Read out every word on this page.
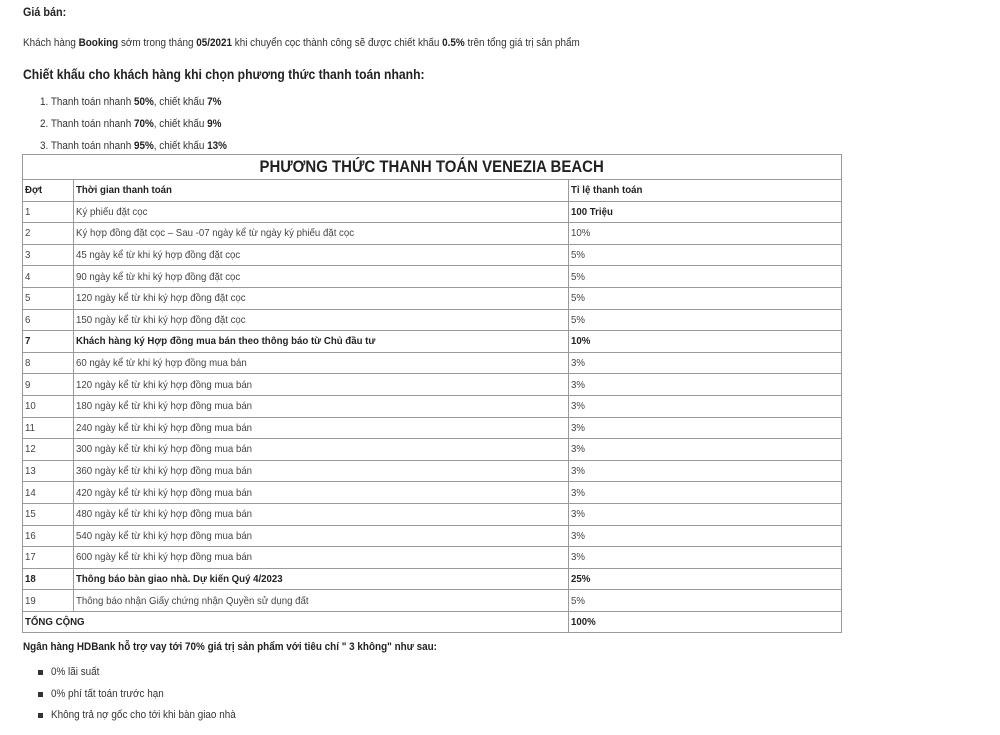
Giá bán:
Khách hàng Booking sớm trong tháng 05/2021 khi chuyển cọc thành công sẽ được chiết khấu 0.5% trên tổng giá trị sản phẩm
Chiết khấu cho khách hàng khi chọn phương thức thanh toán nhanh:
1. Thanh toán nhanh 50%, chiết khấu 7%
2. Thanh toán nhanh 70%, chiết khấu 9%
3. Thanh toán nhanh 95%, chiết khấu 13%
PHƯƠNG THỨC THANH TOÁN VENEZIA BEACH		
Đợt	Thời gian thanh toán	Tỉ lệ thanh toán
1	Ký phiếu đặt cọc	100 Triệu
2	Ký hợp đồng đặt cọc – Sau -07 ngày kể từ ngày ký phiếu đặt cọc	10%
3	45 ngày kể từ khi ký hợp đồng đặt cọc	5%
4	90 ngày kể từ khi ký hợp đồng đặt cọc	5%
5	120 ngày kể từ khi ký hợp đồng đặt cọc	5%
6	150 ngày kể từ khi ký hợp đồng đặt cọc	5%
7	Khách hàng ký Hợp đồng mua bán theo thông báo từ Chủ đầu tư	10%
8	60 ngày kể từ khi ký hợp đồng mua bán	3%
9	120 ngày kể từ khi ký hợp đồng mua bán	3%
10	180 ngày kể từ khi ký hợp đồng mua bán	3%
11	240 ngày kể từ khi ký hợp đồng mua bán	3%
12	300 ngày kể từ khi ký hợp đồng mua bán	3%
13	360 ngày kể từ khi ký hợp đồng mua bán	3%
14	420 ngày kể từ khi ký hợp đồng mua bán	3%
15	480 ngày kể từ khi ký hợp đồng mua bán	3%
16	540 ngày kể từ khi ký hợp đồng mua bán	3%
17	600 ngày kể từ khi ký hợp đồng mua bán	3%
18	Thông báo bàn giao nhà. Dự kiến Quý 4/2023	25%
19	Thông báo nhận Giấy chứng nhận Quyền sử dụng đất	5%
TỔNG CỘNG		100%
Ngân hàng HDBank hỗ trợ vay tới 70% giá trị sản phẩm với tiêu chí " 3 không" như sau:
0% lãi suất
0% phí tất toán trước hạn
Không trả nợ gốc cho tới khi bàn giao nhà
